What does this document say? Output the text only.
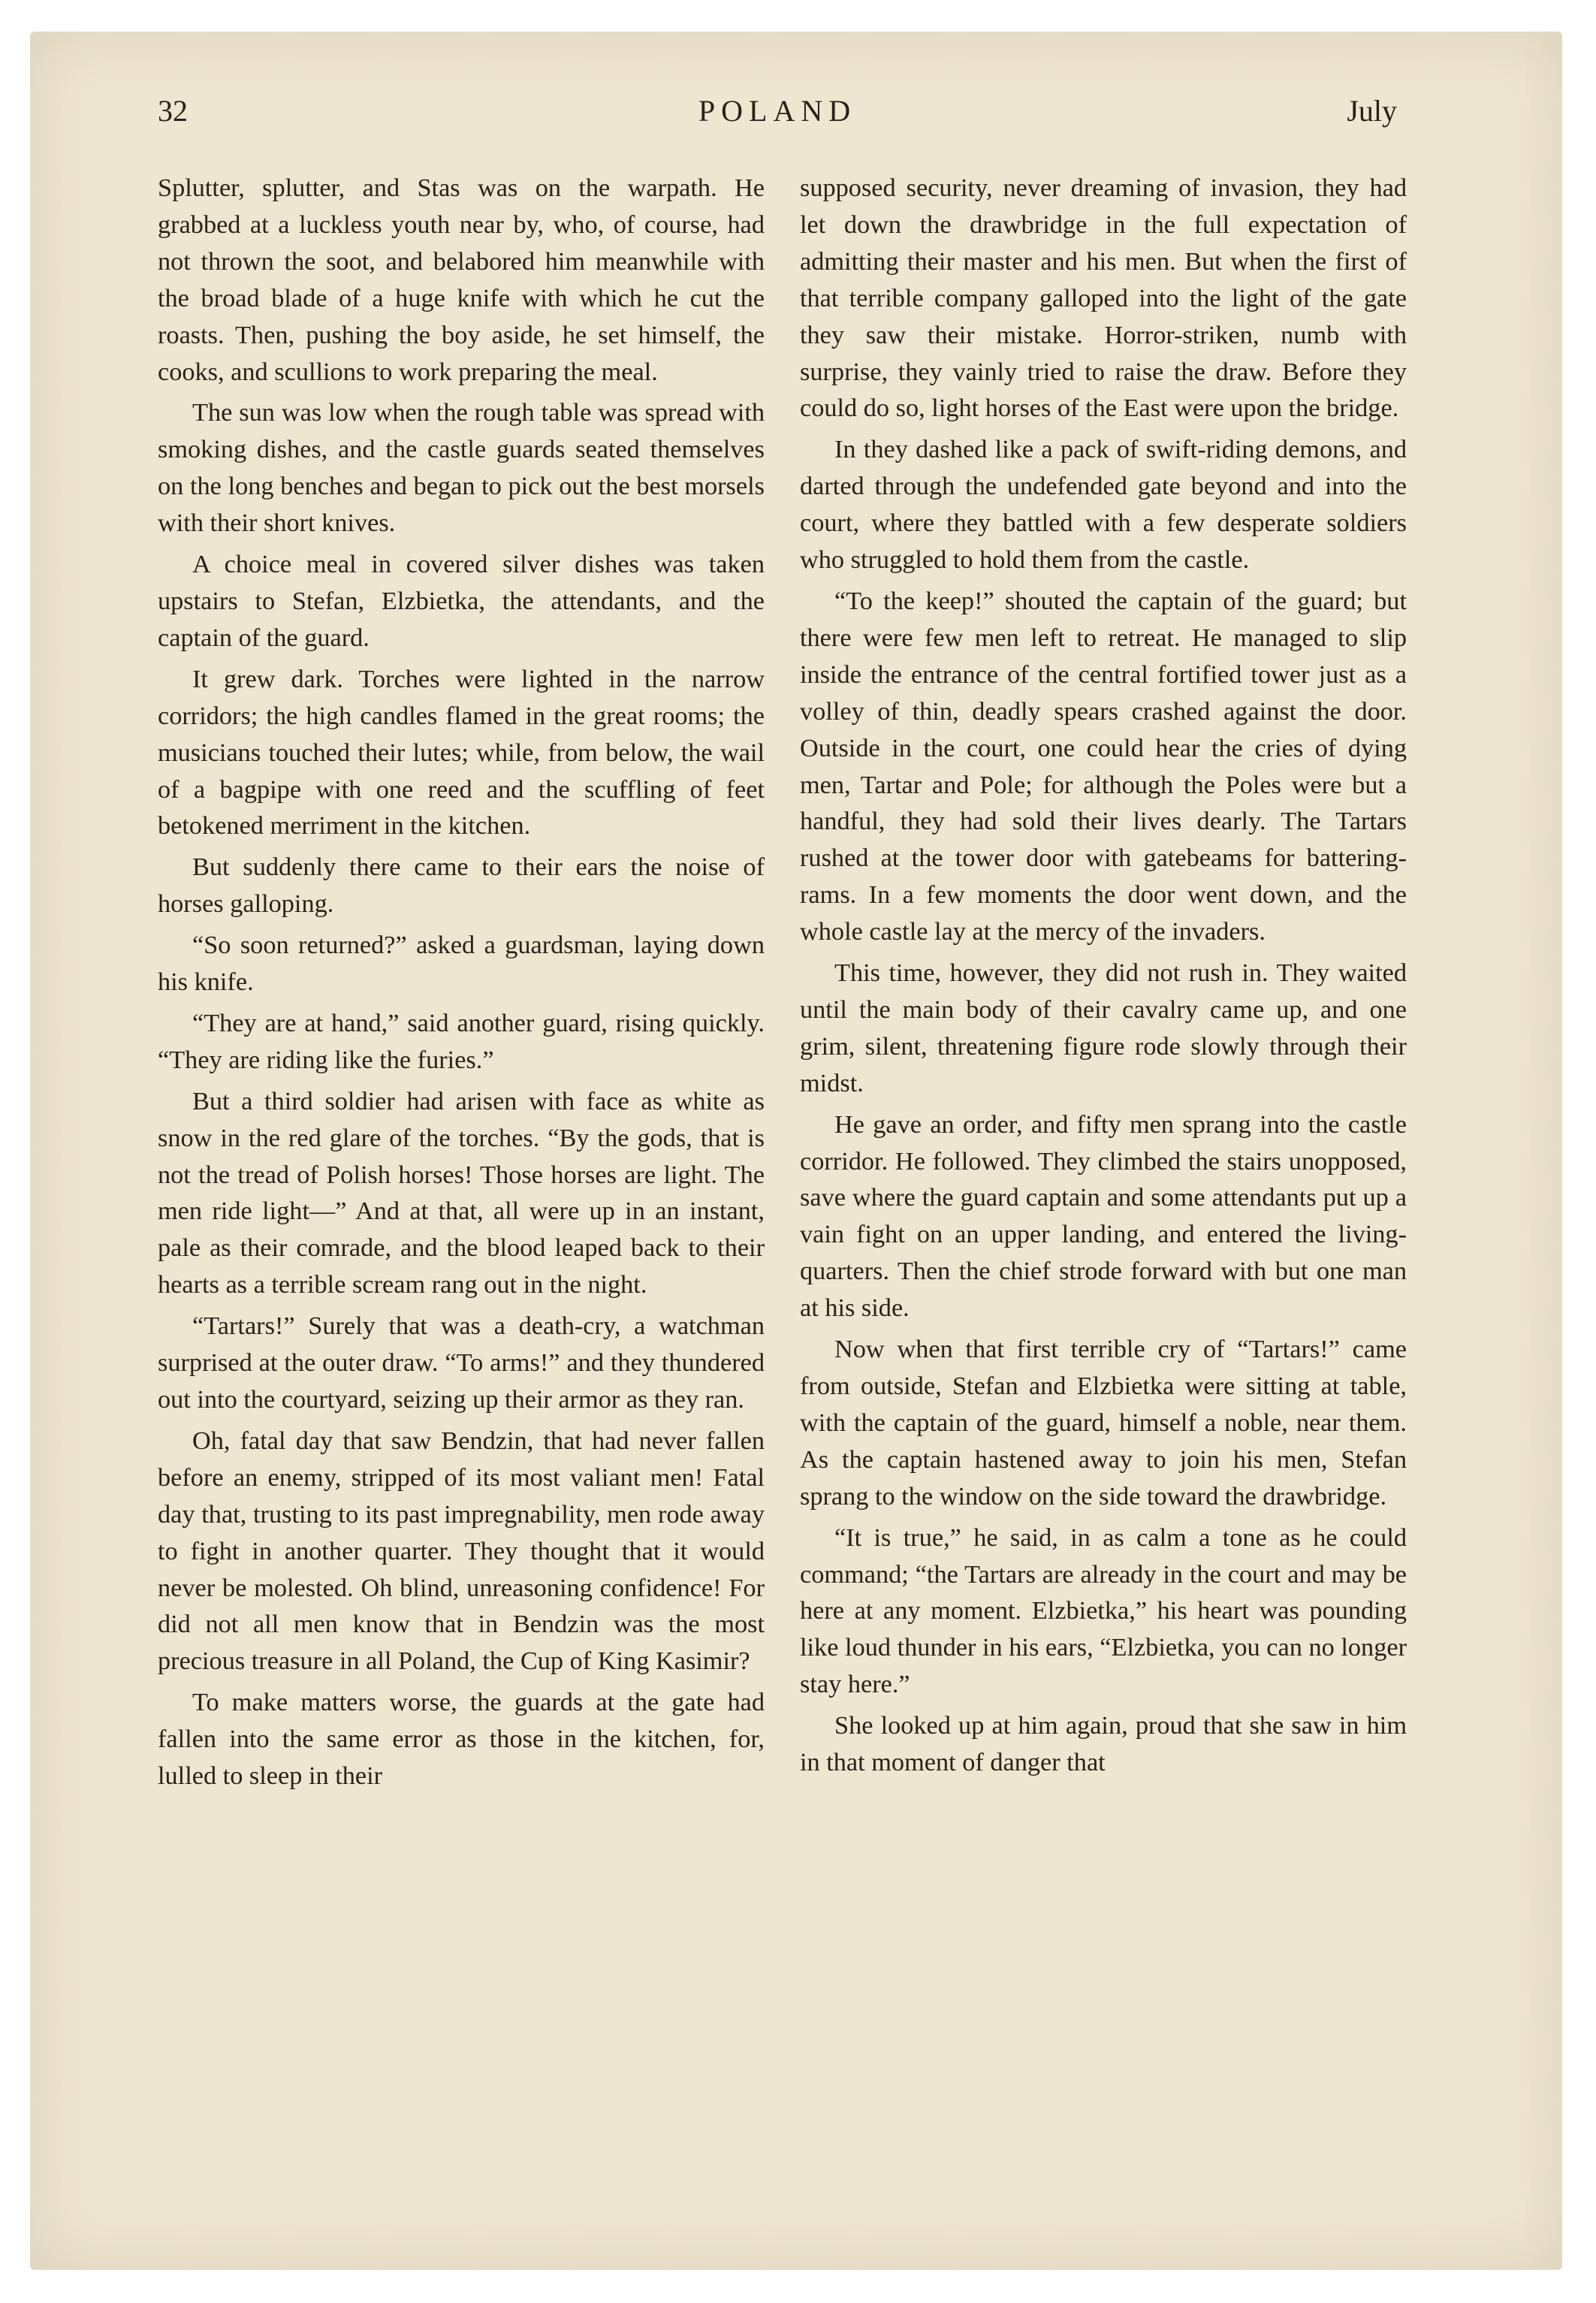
32	POLAND	July

Splutter, splutter, and Stas was on the warpath. He grabbed at a luckless youth near by, who, of course, had not thrown the soot, and belabored him meanwhile with the broad blade of a huge knife with which he cut the roasts. Then, pushing the boy aside, he set himself, the cooks, and scullions to work preparing the meal.

The sun was low when the rough table was spread with smoking dishes, and the castle guards seated themselves on the long benches and began to pick out the best morsels with their short knives.

A choice meal in covered silver dishes was taken upstairs to Stefan, Elzbietka, the attendants, and the captain of the guard.

It grew dark. Torches were lighted in the narrow corridors; the high candles flamed in the great rooms; the musicians touched their lutes; while, from below, the wail of a bagpipe with one reed and the scuffling of feet betokened merriment in the kitchen.

But suddenly there came to their ears the noise of horses galloping.

“So soon returned?” asked a guardsman, laying down his knife.

“They are at hand,” said another guard, rising quickly. “They are riding like the furies.”

But a third soldier had arisen with face as white as snow in the red glare of the torches. “By the gods, that is not the tread of Polish horses! Those horses are light. The men ride light—” And at that, all were up in an instant, pale as their comrade, and the blood leaped back to their hearts as a terrible scream rang out in the night.

“Tartars!” Surely that was a death-cry, a watchman surprised at the outer draw. “To arms!” and they thundered out into the courtyard, seizing up their armor as they ran.

Oh, fatal day that saw Bendzin, that had never fallen before an enemy, stripped of its most valiant men! Fatal day that, trusting to its past impregnability, men rode away to fight in another quarter. They thought that it would never be molested. Oh blind, unreasoning confidence! For did not all men know that in Bendzin was the most precious treasure in all Poland, the Cup of King Kasimir?

To make matters worse, the guards at the gate had fallen into the same error as those in the kitchen, for, lulled to sleep in their

supposed security, never dreaming of invasion, they had let down the drawbridge in the full expectation of admitting their master and his men. But when the first of that terrible company galloped into the light of the gate they saw their mistake. Horror-striken, numb with surprise, they vainly tried to raise the draw. Before they could do so, light horses of the East were upon the bridge.

In they dashed like a pack of swift-riding demons, and darted through the undefended gate beyond and into the court, where they battled with a few desperate soldiers who struggled to hold them from the castle.

“To the keep!” shouted the captain of the guard; but there were few men left to retreat. He managed to slip inside the entrance of the central fortified tower just as a volley of thin, deadly spears crashed against the door. Outside in the court, one could hear the cries of dying men, Tartar and Pole; for although the Poles were but a handful, they had sold their lives dearly. The Tartars rushed at the tower door with gatebeams for battering-rams. In a few moments the door went down, and the whole castle lay at the mercy of the invaders.

This time, however, they did not rush in. They waited until the main body of their cavalry came up, and one grim, silent, threatening figure rode slowly through their midst.

He gave an order, and fifty men sprang into the castle corridor. He followed. They climbed the stairs unopposed, save where the guard captain and some attendants put up a vain fight on an upper landing, and entered the living-quarters. Then the chief strode forward with but one man at his side.

Now when that first terrible cry of “Tartars!” came from outside, Stefan and Elzbietka were sitting at table, with the captain of the guard, himself a noble, near them. As the captain hastened away to join his men, Stefan sprang to the window on the side toward the drawbridge.

“It is true,” he said, in as calm a tone as he could command; “the Tartars are already in the court and may be here at any moment. Elzbietka,” his heart was pounding like loud thunder in his ears, “Elzbietka, you can no longer stay here.”

She looked up at him again, proud that she saw in him in that moment of danger that
